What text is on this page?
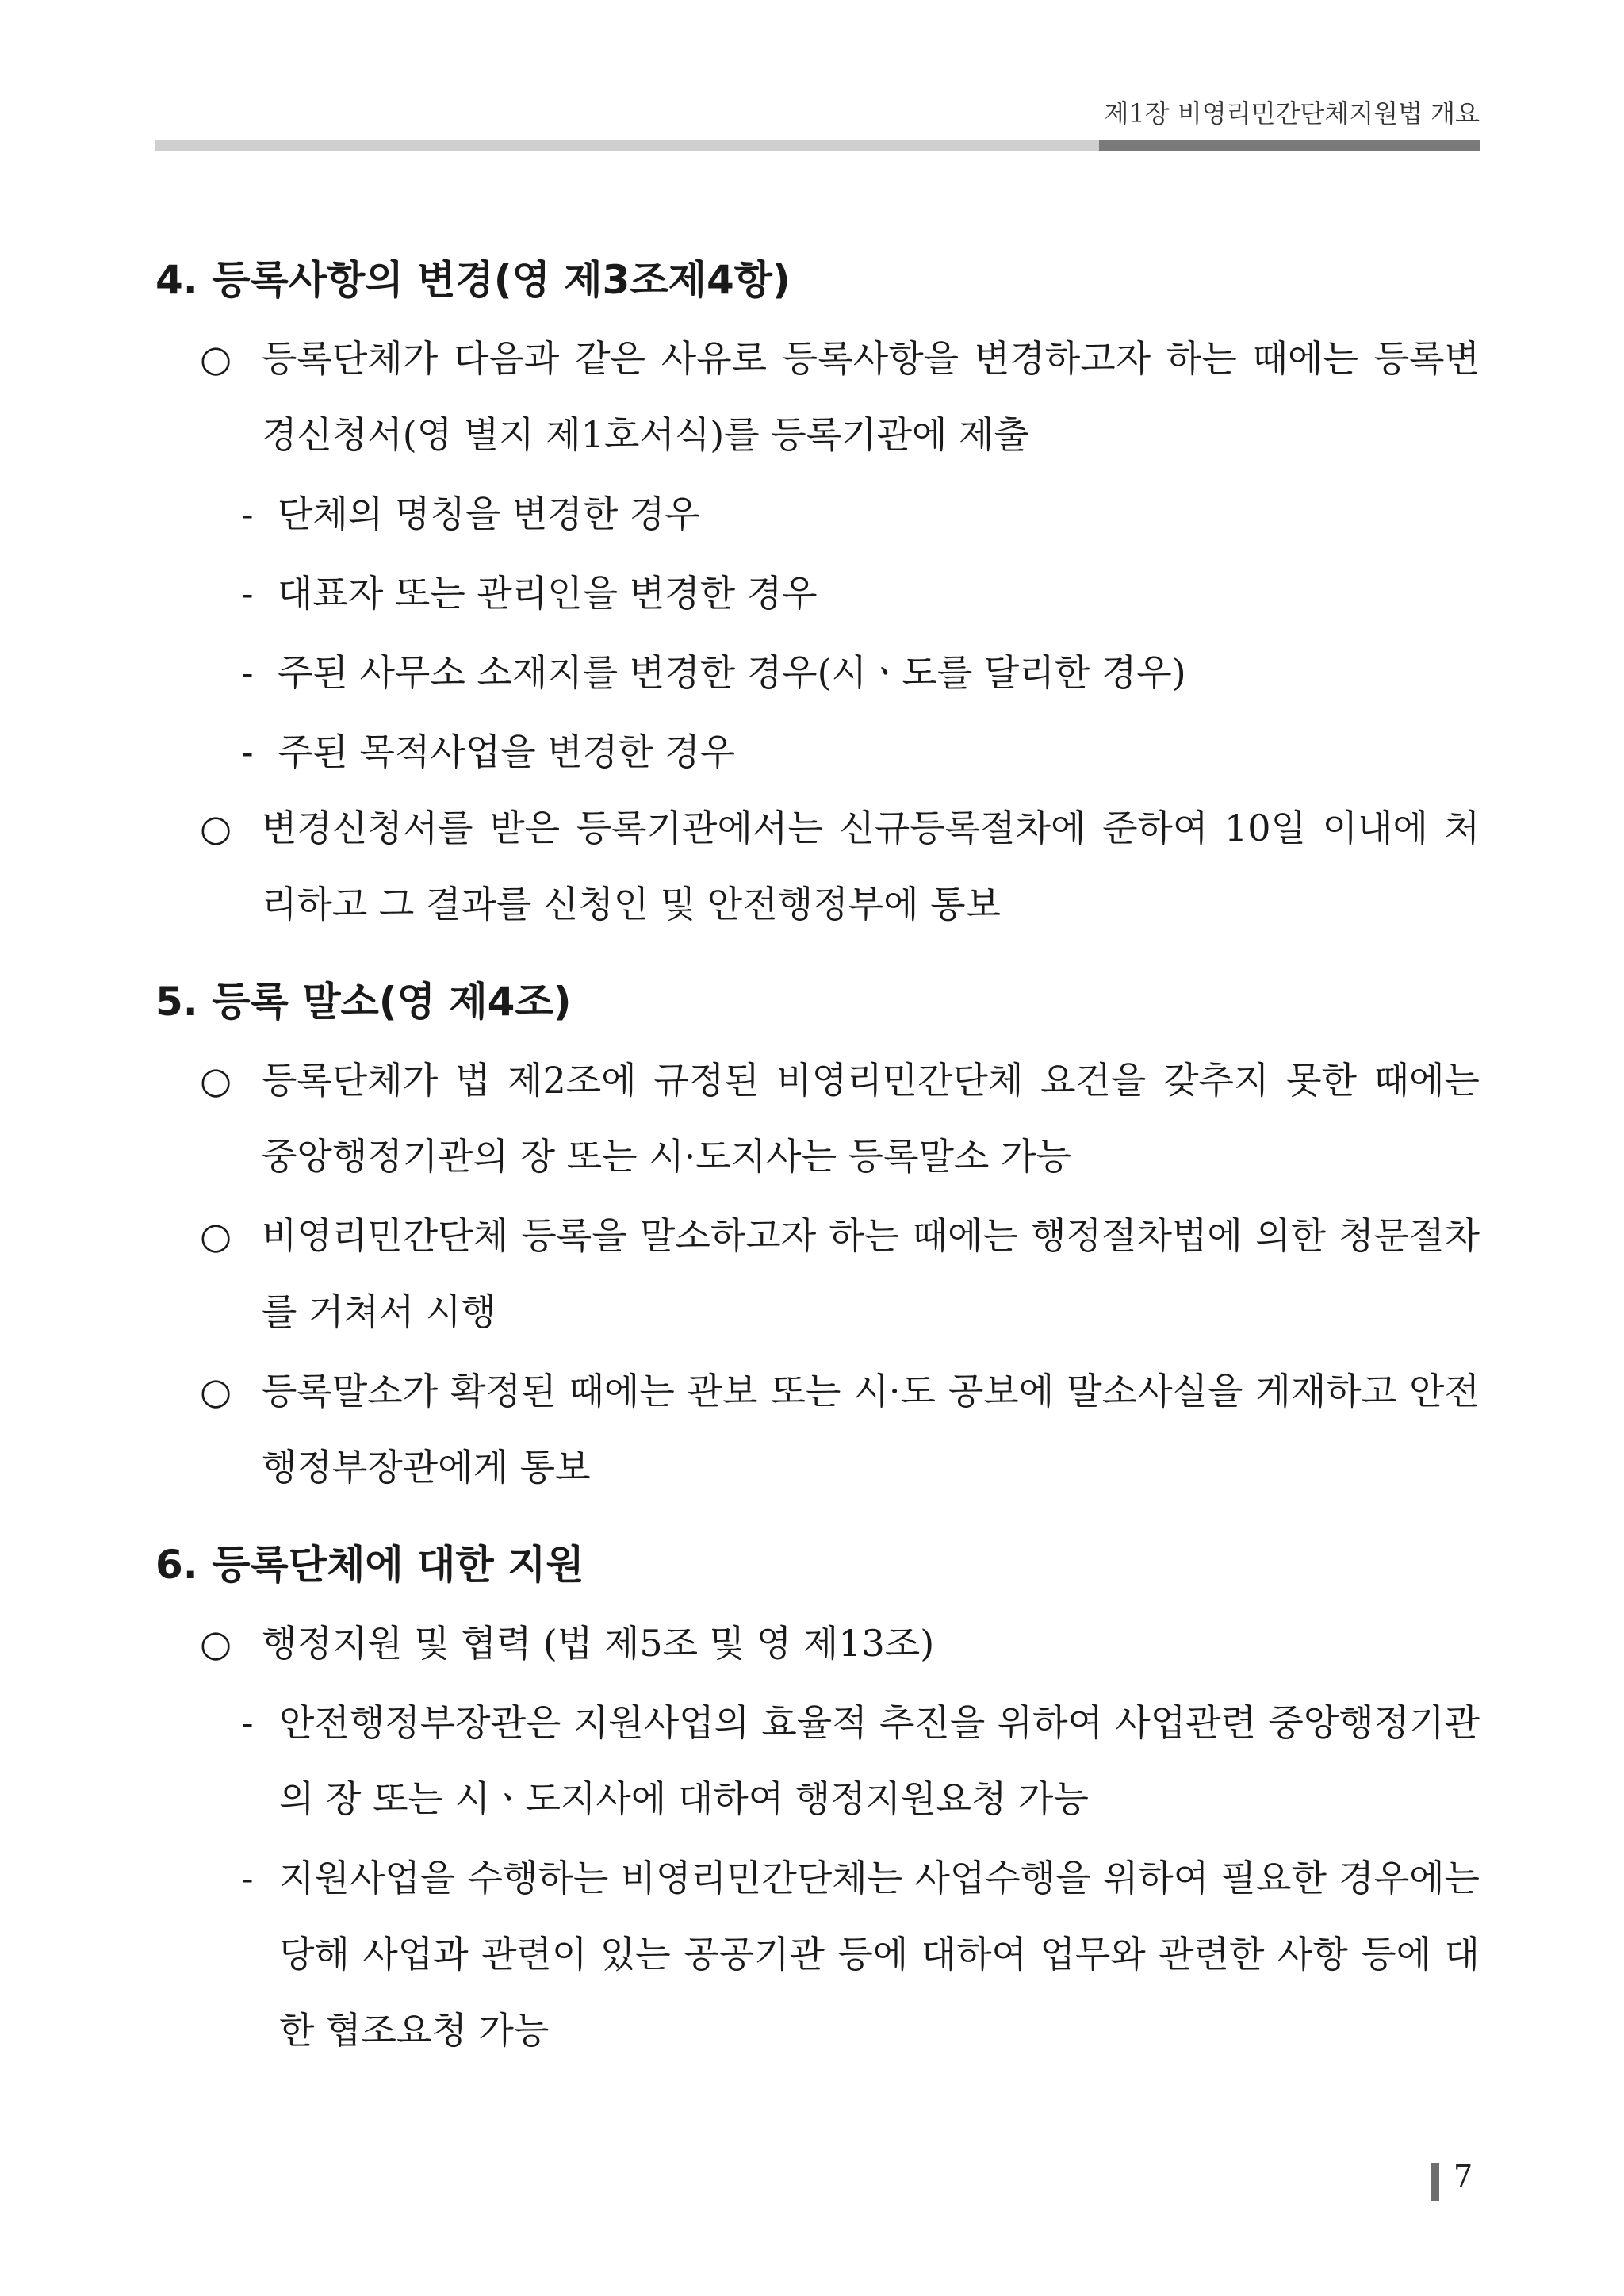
제1장 비영리민간단체지원법 개요
4. 등록사항의 변경(영 제3조제4항)
○ 등록단체가 다음과 같은 사유로 등록사항을 변경하고자 하는 때에는 등록변경신청서(영 별지 제1호서식)를 등록기관에 제출
- 단체의 명칭을 변경한 경우
- 대표자 또는 관리인을 변경한 경우
- 주된 사무소 소재지를 변경한 경우(시ㆍ도를 달리한 경우)
- 주된 목적사업을 변경한 경우
○ 변경신청서를 받은 등록기관에서는 신규등록절차에 준하여 10일 이내에 처리하고 그 결과를 신청인 및 안전행정부에 통보
5. 등록 말소(영 제4조)
○ 등록단체가 법 제2조에 규정된 비영리민간단체 요건을 갖추지 못한 때에는 중앙행정기관의 장 또는 시·도지사는 등록말소 가능
○ 비영리민간단체 등록을 말소하고자 하는 때에는 행정절차법에 의한 청문절차를 거쳐서 시행
○ 등록말소가 확정된 때에는 관보 또는 시·도 공보에 말소사실을 게재하고 안전행정부장관에게 통보
6. 등록단체에 대한 지원
○ 행정지원 및 협력 (법 제5조 및 영 제13조)
- 안전행정부장관은 지원사업의 효율적 추진을 위하여 사업관련 중앙행정기관의 장 또는 시ㆍ도지사에 대하여 행정지원요청 가능
- 지원사업을 수행하는 비영리민간단체는 사업수행을 위하여 필요한 경우에는 당해 사업과 관련이 있는 공공기관 등에 대하여 업무와 관련한 사항 등에 대한 협조요청 가능
7
